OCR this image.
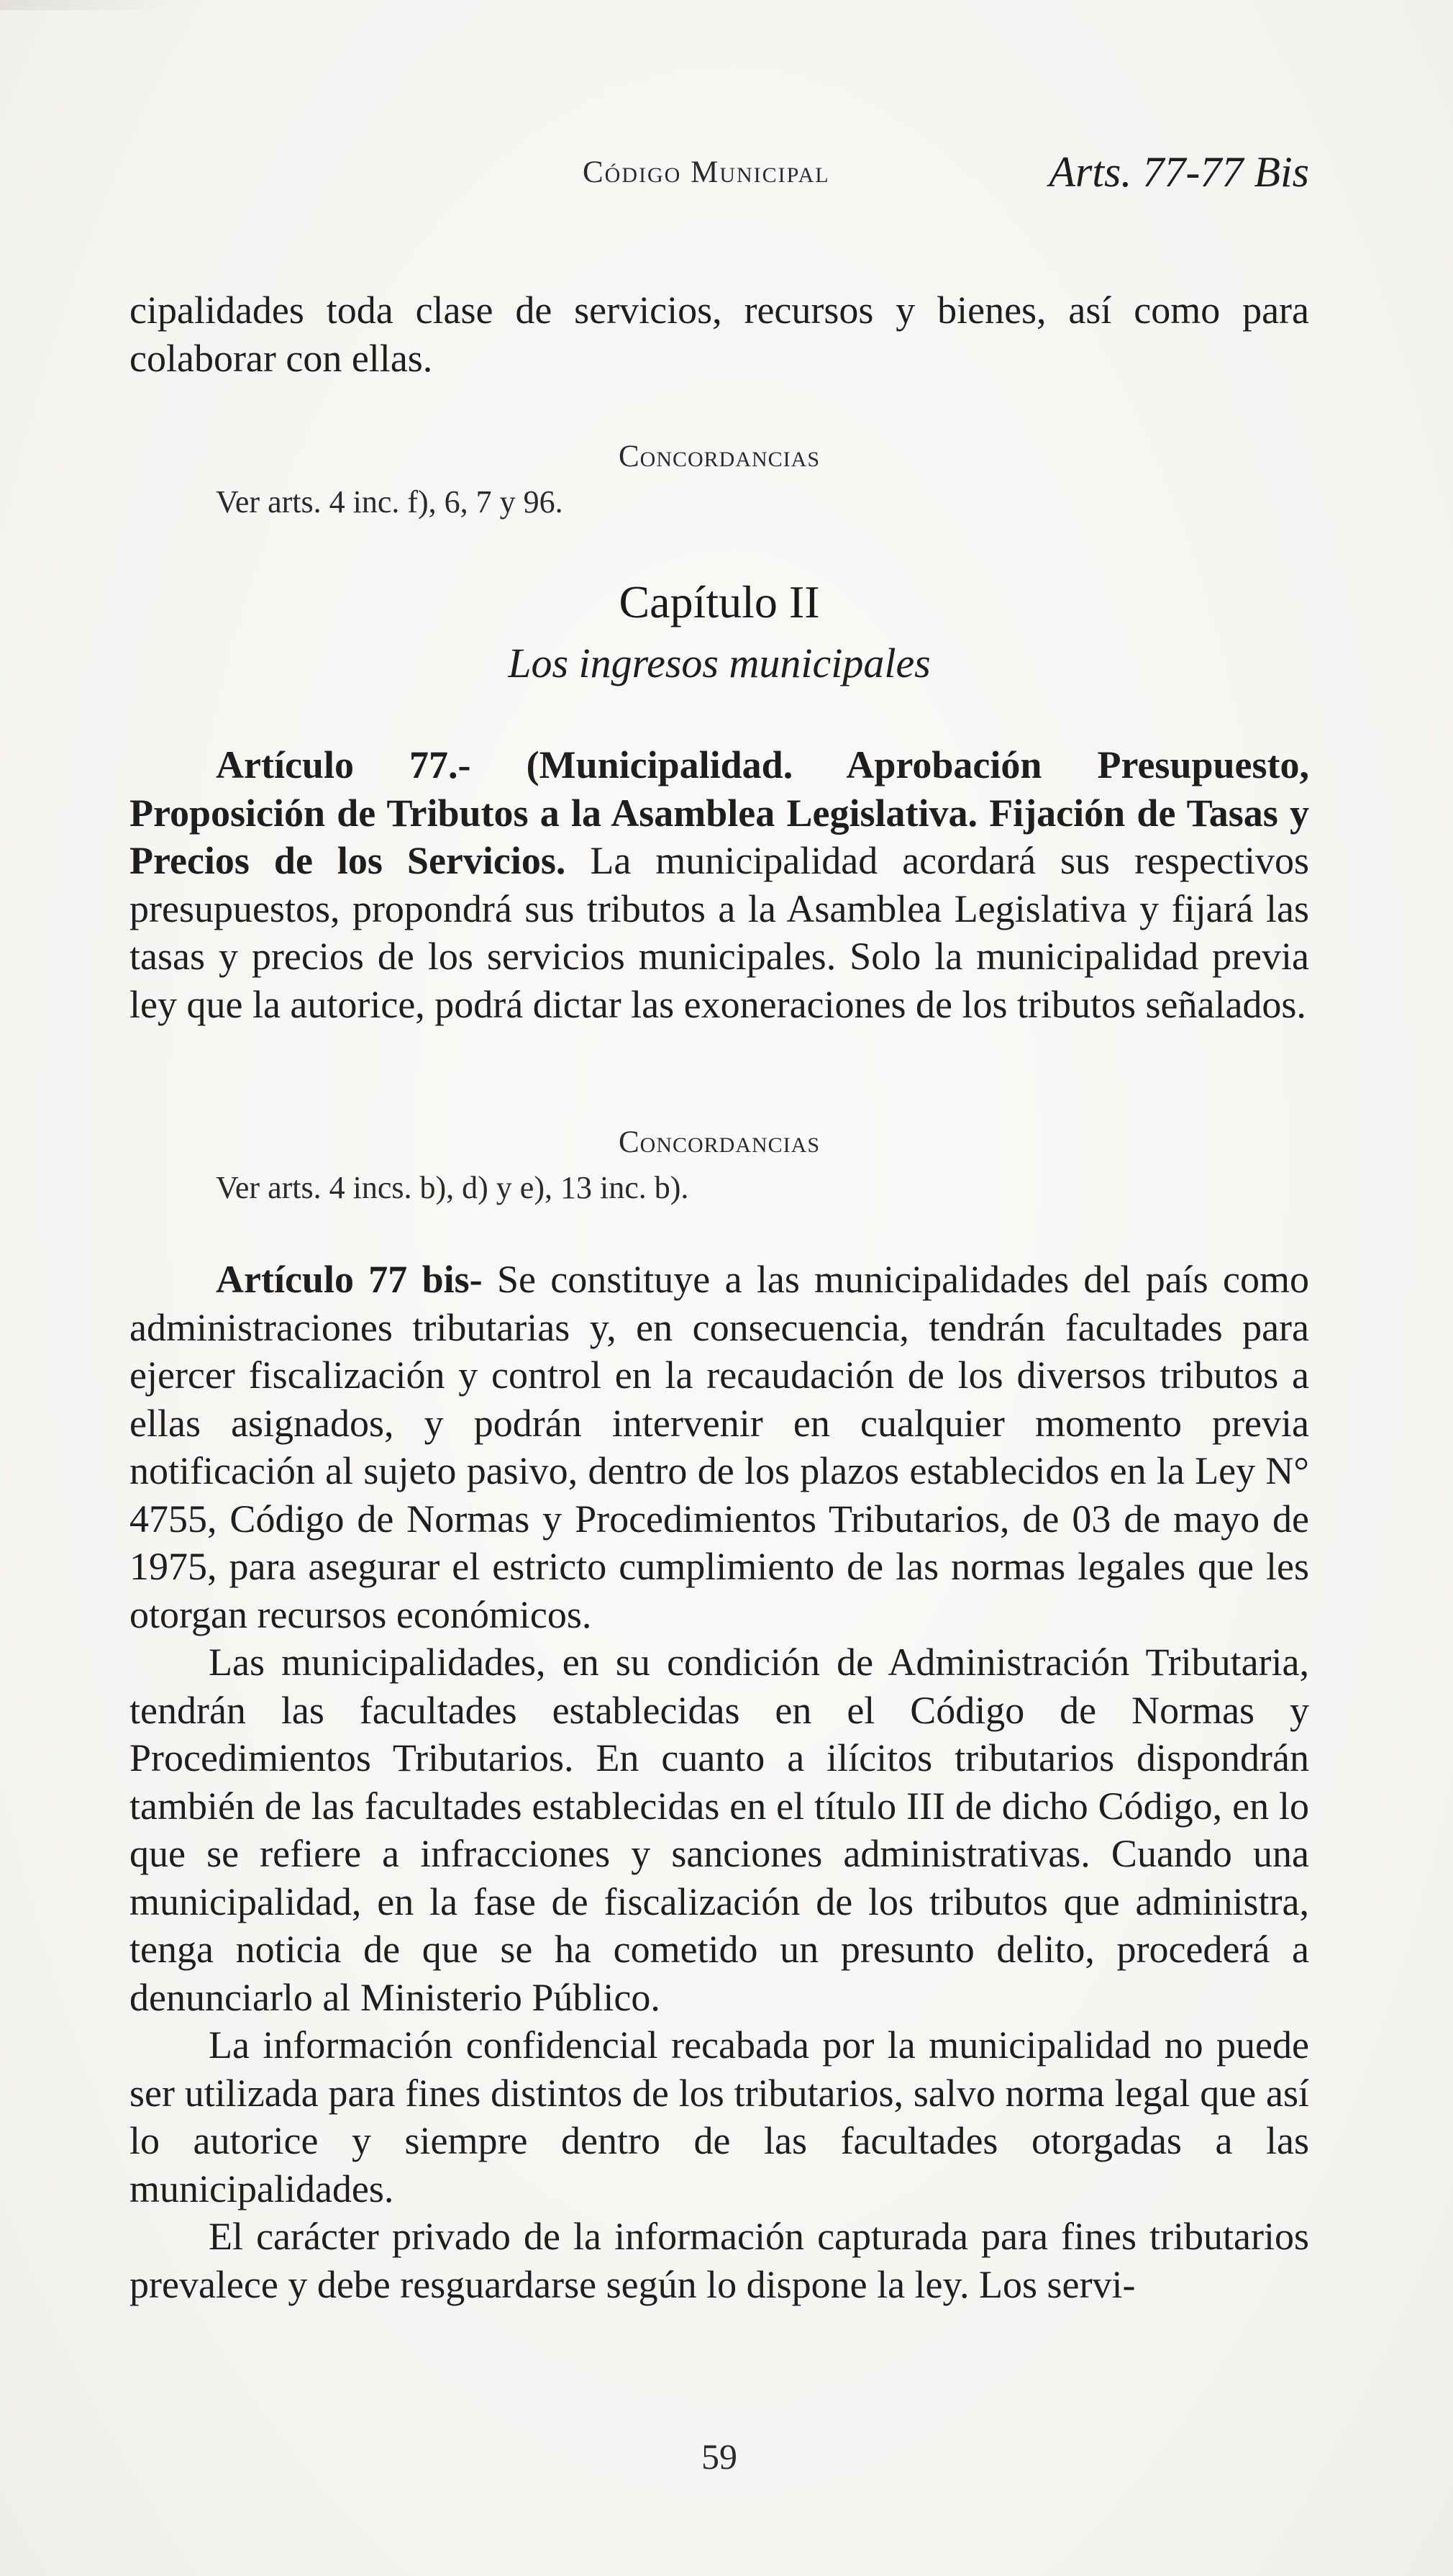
Código Municipal	Arts. 77-77 Bis
cipalidades toda clase de servicios, recursos y bienes, así como para colaborar con ellas.
Concordancias
Ver arts. 4 inc. f), 6, 7 y 96.
Capítulo II
Los ingresos municipales

Artículo 77.- (Municipalidad. Aprobación Presupuesto, Proposición de Tributos a la Asamblea Legislativa. Fijación de Tasas y Precios de los Servicios. La municipalidad acordará sus respectivos presupuestos, propondrá sus tributos a la Asamblea Legislativa y fijará las tasas y precios de los servicios municipales. Solo la municipalidad previa ley que la autorice, podrá dictar las exoneraciones de los tributos señalados.

Concordancias
Ver arts. 4 incs. b), d) y e), 13 inc. b).

Artículo 77 bis- Se constituye a las municipalidades del país como administraciones tributarias y, en consecuencia, tendrán facultades para ejercer fiscalización y control en la recaudación de los diversos tributos a ellas asignados, y podrán intervenir en cualquier momento previa notificación al sujeto pasivo, dentro de los plazos establecidos en la Ley N° 4755, Código de Normas y Procedimientos Tributarios, de 03 de mayo de 1975, para asegurar el estricto cumplimiento de las normas legales que les otorgan recursos económicos.

Las municipalidades, en su condición de Administración Tributaria, tendrán las facultades establecidas en el Código de Normas y Procedimientos Tributarios. En cuanto a ilícitos tributarios dispondrán también de las facultades establecidas en el título III de dicho Código, en lo que se refiere a infracciones y sanciones administrativas. Cuando una municipalidad, en la fase de fiscalización de los tributos que administra, tenga noticia de que se ha cometido un presunto delito, procederá a denunciarlo al Ministerio Público.

La información confidencial recabada por la municipalidad no puede ser utilizada para fines distintos de los tributarios, salvo norma legal que así lo autorice y siempre dentro de las facultades otorgadas a las municipalidades.

El carácter privado de la información capturada para fines tributarios prevalece y debe resguardarse según lo dispone la ley. Los servi-

59
